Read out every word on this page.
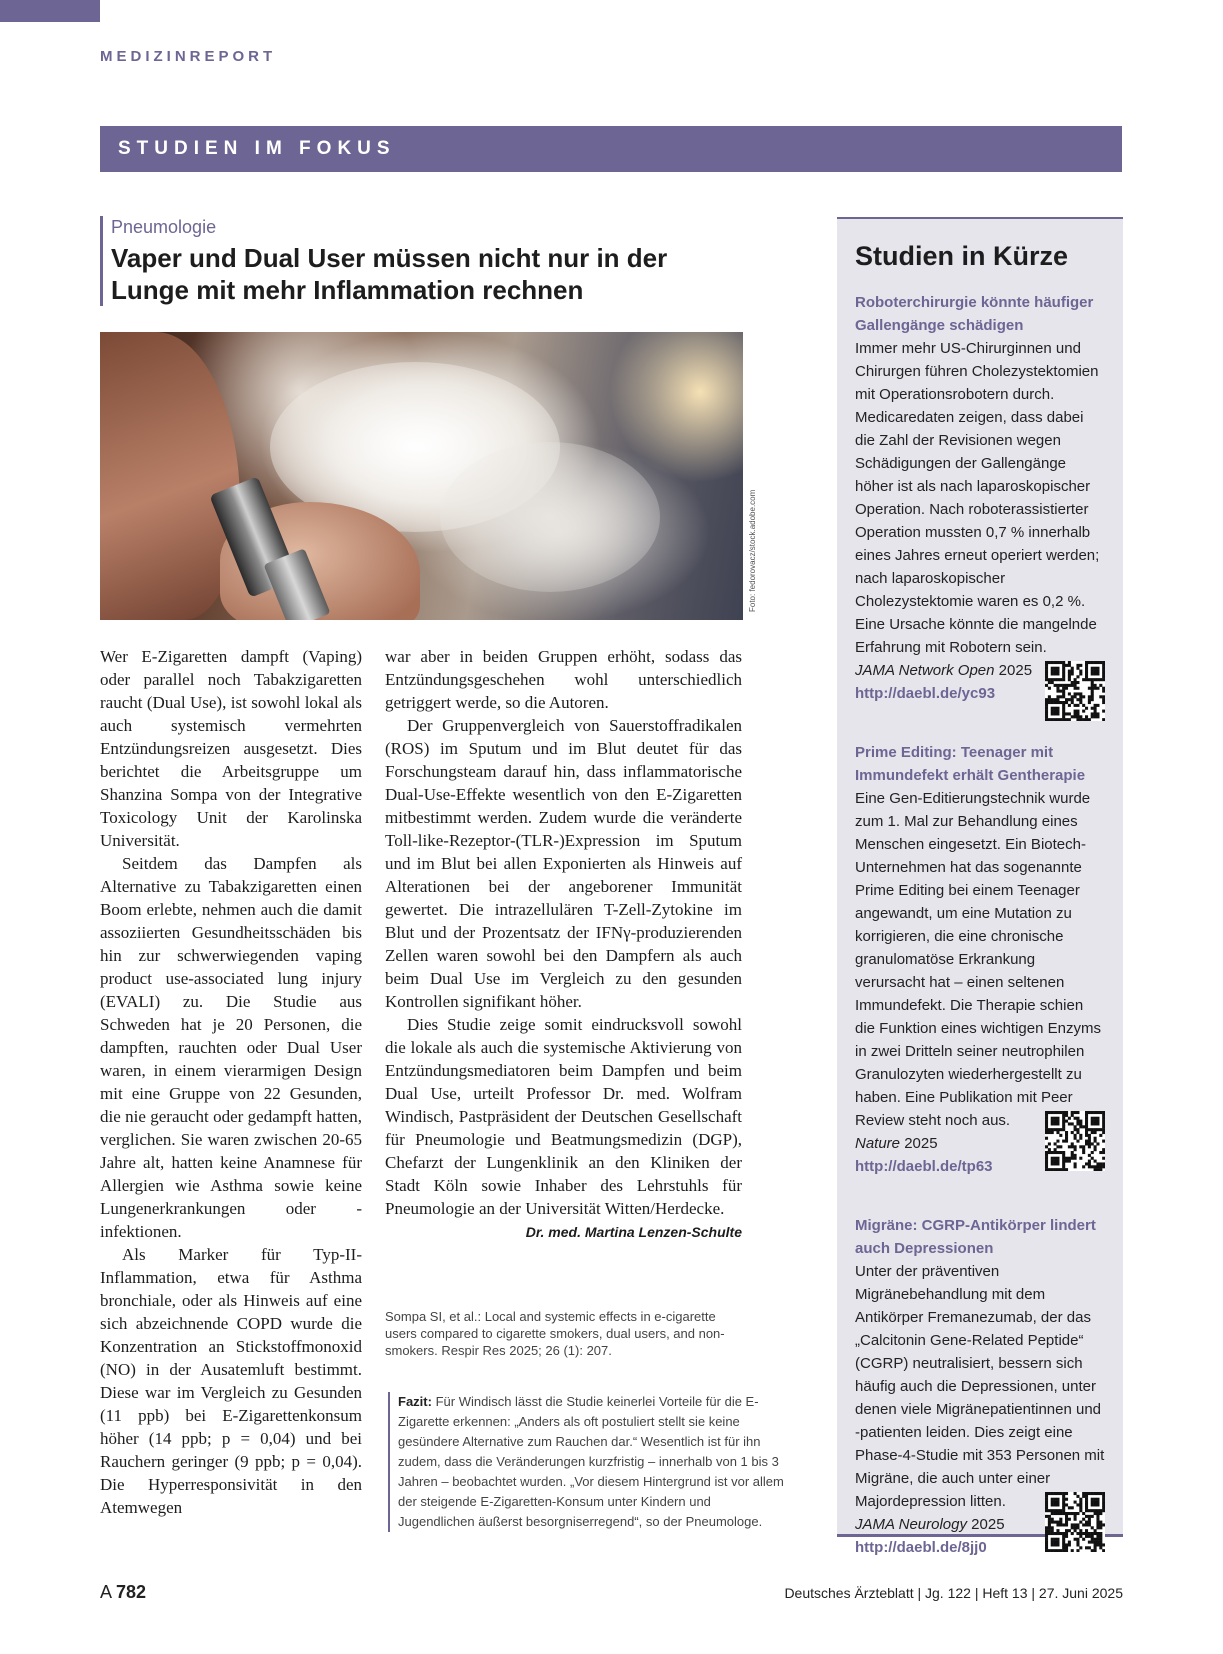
MEDIZINREPORT
STUDIEN IM FOKUS
Pneumologie
Vaper und Dual User müssen nicht nur in der Lunge mit mehr Inflammation rechnen
Foto: fedorovacz/stock.adobe.com

Wer E-Zigaretten dampft (Vaping) oder parallel noch Tabakzigaretten raucht (Dual Use), ist sowohl lokal als auch systemisch vermehrten Entzündungsreizen ausgesetzt. Dies berichtet die Arbeitsgruppe um Shanzina Sompa von der Integrative Toxicology Unit der Karolinska Universität.

Seitdem das Dampfen als Alternative zu Tabakzigaretten einen Boom erlebte, nehmen auch die damit assoziierten Gesundheitsschäden bis hin zur schwerwiegenden vaping product use-associated lung injury (EVALI) zu. Die Studie aus Schweden hat je 20 Personen, die dampften, rauchten oder Dual User waren, in einem vierarmigen Design mit eine Gruppe von 22 Gesunden, die nie geraucht oder gedampft hatten, verglichen. Sie waren zwischen 20-65 Jahre alt, hatten keine Anamnese für Allergien wie Asthma sowie keine Lungenerkrankungen oder -infektionen.

Als Marker für Typ-II-Inflammation, etwa für Asthma bronchiale, oder als Hinweis auf eine sich abzeichnende COPD wurde die Konzentration an Stickstoffmonoxid (NO) in der Ausatemluft bestimmt. Diese war im Vergleich zu Gesunden (11 ppb) bei E-Zigarettenkonsum höher (14 ppb; p = 0,04) und bei Rauchern geringer (9 ppb; p = 0,04). Die Hyperresponsivität in den Atemwegen

war aber in beiden Gruppen erhöht, sodass das Entzündungsgeschehen wohl unterschiedlich getriggert werde, so die Autoren.

Der Gruppenvergleich von Sauerstoffradikalen (ROS) im Sputum und im Blut deutet für das Forschungsteam darauf hin, dass inflammatorische Dual-Use-Effekte wesentlich von den E-Zigaretten mitbestimmt werden. Zudem wurde die veränderte Toll-like-Rezeptor-(TLR-)Expression im Sputum und im Blut bei allen Exponierten als Hinweis auf Alterationen bei der angeborener Immunität gewertet. Die intrazellulären T-Zell-Zytokine im Blut und der Prozentsatz der IFNγ-produzierenden Zellen waren sowohl bei den Dampfern als auch beim Dual Use im Vergleich zu den gesunden Kontrollen signifikant höher.

Dies Studie zeige somit eindrucksvoll sowohl die lokale als auch die systemische Aktivierung von Entzündungsmediatoren beim Dampfen und beim Dual Use, urteilt Professor Dr. med. Wolfram Windisch, Pastpräsident der Deutschen Gesellschaft für Pneumologie und Beatmungsmedizin (DGP), Chefarzt der Lungenklinik an den Kliniken der Stadt Köln sowie Inhaber des Lehrstuhls für Pneumologie an der Universität Witten/Herdecke.

Dr. med. Martina Lenzen-Schulte
Sompa SI, et al.: Local and systemic effects in e-cigarette users compared to cigarette smokers, dual users, and non-smokers. Respir Res 2025; 26 (1): 207.
Fazit: Für Windisch lässt die Studie keinerlei Vorteile für die E-Zigarette erkennen: „Anders als oft postuliert stellt sie keine gesündere Alternative zum Rauchen dar.“ Wesentlich ist für ihn zudem, dass die Veränderungen kurzfristig – innerhalb von 1 bis 3 Jahren – beobachtet wurden. „Vor diesem Hintergrund ist vor allem der steigende E-Zigaretten-Konsum unter Kindern und Jugendlichen äußerst besorgniserregend“, so der Pneumologe.
Studien in Kürze
Roboterchirurgie könnte häufiger Gallengänge schädigen
Immer mehr US-Chirurginnen und Chirurgen führen Cholezystektomien mit Operationsrobotern durch. Medicaredaten zeigen, dass dabei die Zahl der Revisionen wegen Schädigungen der Gallengänge höher ist als nach laparoskopischer Operation. Nach roboterassistierter Operation mussten 0,7 % innerhalb eines Jahres erneut operiert werden; nach laparoskopischer Cholezystektomie waren es 0,2 %. Eine Ursache könnte die mangelnde Erfahrung mit Robotern sein.
JAMA Network Open 2025
http://daebl.de/yc93
Prime Editing: Teenager mit Immundefekt erhält Gentherapie
Eine Gen-Editierungstechnik wurde zum 1. Mal zur Behandlung eines Menschen eingesetzt. Ein Biotech-Unternehmen hat das sogenannte Prime Editing bei einem Teenager angewandt, um eine Mutation zu korrigieren, die eine chronische granulomatöse Erkrankung verursacht hat – einen seltenen Immundefekt. Die Therapie schien die Funktion eines wichtigen Enzyms in zwei Dritteln seiner neutrophilen Granulozyten wiederhergestellt zu haben. Eine Publikation mit Peer Review steht noch aus.
Nature 2025
http://daebl.de/tp63
Migräne: CGRP-Antikörper lindert auch Depressionen
Unter der präventiven Migränebehandlung mit dem Antikörper Fremanezumab, der das „Calcitonin Gene-Related Peptide“ (CGRP) neutralisiert, bessern sich häufig auch die Depressionen, unter denen viele Migränepatientinnen und -patienten leiden. Dies zeigt eine Phase-4-Studie mit 353 Personen mit Migräne, die auch unter einer Majordepression litten.
JAMA Neurology 2025
http://daebl.de/8jj0
A 782	Deutsches Ärzteblatt | Jg. 122 | Heft 13 | 27. Juni 2025
